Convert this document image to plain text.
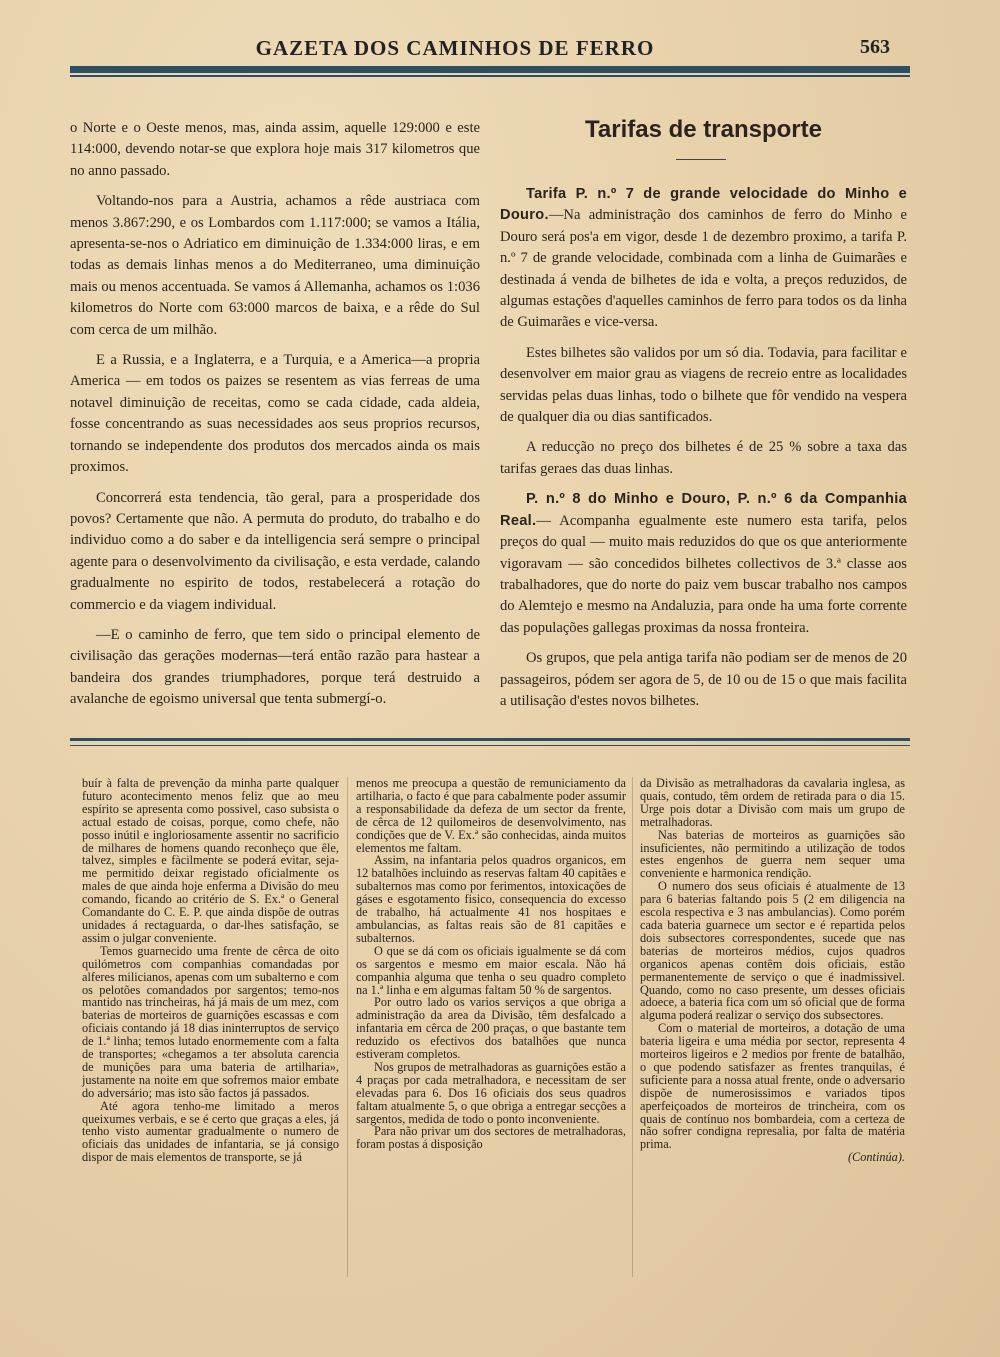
GAZETA DOS CAMINHOS DE FERRO	563

o Norte e o Oeste menos, mas, ainda assim, aquelle 129:000 e este 114:000, devendo notar-se que explora hoje mais 317 kilometros que no anno passado.

Voltando-nos para a Austria, achamos a rêde austriaca com menos 3.867:290, e os Lombardos com 1.117:000; se vamos a Itália, apresenta-se-nos o Adriatico em diminuição de 1.334:000 liras, e em todas as demais linhas menos a do Mediterraneo, uma diminuição mais ou menos accentuada. Se vamos á Allemanha, achamos os 1:036 kilometros do Norte com 63:000 marcos de baixa, e a rêde do Sul com cerca de um milhão.

E a Russia, e a Inglaterra, e a Turquia, e a America—a propria America — em todos os paizes se resentem as vias ferreas de uma notavel diminuição de receitas, como se cada cidade, cada aldeia, fosse concentrando as suas necessidades aos seus proprios recursos, tornando se independente dos produtos dos mercados ainda os mais proximos.

Concorrerá esta tendencia, tão geral, para a prosperidade dos povos? Certamente que não. A permuta do produto, do trabalho e do individuo como a do saber e da intelligencia será sempre o principal agente para o desenvolvimento da civilisação, e esta verdade, calando gradualmente no espirito de todos, restabelecerá a rotação do commercio e da viagem individual.

—E o caminho de ferro, que tem sido o principal elemento de civilisação das gerações modernas—terá então razão para hastear a bandeira dos grandes triumphadores, porque terá destruido a avalanche de egoismo universal que tenta submergí-o.

Tarifas de transporte

Tarifa P. n.º 7 de grande velocidade do Minho e Douro.—Na administração dos caminhos de ferro do Minho e Douro será pos'a em vigor, desde 1 de dezembro proximo, a tarifa P. n.º 7 de grande velocidade, combinada com a linha de Guimarães e destinada á venda de bilhetes de ida e volta, a preços reduzidos, de algumas estações d'aquelles caminhos de ferro para todos os da linha de Guimarães e vice-versa.

Estes bilhetes são validos por um só dia. Todavia, para facilitar e desenvolver em maior grau as viagens de recreio entre as localidades servidas pelas duas linhas, todo o bilhete que fôr vendido na vespera de qualquer dia ou dias santificados.

A reducção no preço dos bilhetes é de 25 % sobre a taxa das tarifas geraes das duas linhas.

P. n.º 8 do Minho e Douro, P. n.º 6 da Companhia Real.— Acompanha egualmente este numero esta tarifa, pelos preços do qual — muito mais reduzidos do que os que anteriormente vigoravam — são concedidos bilhetes collectivos de 3.ª classe aos trabalhadores, que do norte do paiz vem buscar trabalho nos campos do Alemtejo e mesmo na Andaluzia, para onde ha uma forte corrente das populações gallegas proximas da nossa fronteira.

Os grupos, que pela antiga tarifa não podiam ser de menos de 20 passageiros, pódem ser agora de 5, de 10 ou de 15 o que mais facilita a utilisação d'estes novos bilhetes.

buír à falta de prevenção da minha parte qualquer futuro acontecimento menos feliz que ao meu espírito se apresenta como possivel, caso subsista o actual estado de coisas, porque, como chefe, não posso inútil e ingloriosamente assentir no sacrificio de milhares de homens quando reconheço que êle, talvez, simples e fàcilmente se poderá evitar, seja-me permitido deixar registado oficialmente os males de que ainda hoje enferma a Divisão do meu comando, ficando ao critério de S. Ex.ª o General Comandante do C. E. P. que ainda dispõe de outras unidades á rectaguarda, o dar-lhes satisfação, se assim o julgar conveniente.

Temos guarnecido uma frente de cêrca de oito quilómetros com companhias comandadas por alferes milicianos, apenas com um subalterno e com os pelotões comandados por sargentos; temo-nos mantido nas trincheiras, há já mais de um mez, com baterias de morteiros de guarnições escassas e com oficiais contando já 18 dias ininterruptos de serviço de 1.ª linha; temos lutado enormemente com a falta de transportes; «chegamos a ter absoluta carencia de munições para uma bateria de artilharia», justamente na noite em que sofremos maior embate do adversário; mas isto são factos já passados.

Até agora tenho-me limitado a meros queixumes verbais, e se é certo que graças a eles, já tenho visto aumentar gradualmente o numero de oficiais das unidades de infantaria, se já consigo dispor de mais elementos de transporte, se já

menos me preocupa a questão de remuniciamento da artilharia, o facto é que para cabalmente poder assumir a responsabilidade da defeza de um sector da frente, de cêrca de 12 quilomeiros de desenvolvimento, nas condições que de V. Ex.ª são conhecidas, ainda muitos elementos me faltam.

Assim, na infantaria pelos quadros organicos, em 12 batalhões incluindo as reservas faltam 40 capitães e subalternos mas como por ferimentos, intoxicações de gáses e esgotamento fisico, consequencia do excesso de trabalho, há actualmente 41 nos hospitaes e ambulancias, as faltas reais são de 81 capitães e subalternos.

O que se dá com os oficiais igualmente se dá com os sargentos e mesmo em maior escala. Não há companhia alguma que tenha o seu quadro completo na 1.ª linha e em algumas faltam 50 % de sargentos.

Por outro lado os varios serviços a que obriga a administração da area da Divisão, têm desfalcado a infantaria em cêrca de 200 praças, o que bastante tem reduzido os efectivos dos batalhões que nunca estiveram completos.

Nos grupos de metralhadoras as guarnições estão a 4 praças por cada metralhadora, e necessitam de ser elevadas para 6. Dos 16 oficiais dos seus quadros faltam atualmente 5, o que obriga a entregar secções a sargentos, medida de todo o ponto inconveniente.

Para não privar um dos sectores de metralhadoras, foram postas á disposição

da Divisão as metralhadoras da cavalaria inglesa, as quais, contudo, têm ordem de retirada para o dia 15. Urge pois dotar a Divisão com mais um grupo de metralhadoras.

Nas baterias de morteiros as guarnições são insuficientes, não permitindo a utilização de todos estes engenhos de guerra nem sequer uma conveniente e harmonica rendição.

O numero dos seus oficiais é atualmente de 13 para 6 baterias faltando pois 5 (2 em diligencia na escola respectiva e 3 nas ambulancias). Como porém cada bateria guarnece um sector e é repartida pelos dois subsectores correspondentes, sucede que nas baterias de morteiros médios, cujos quadros organicos apenas contêm dois oficiais, estão permanentemente de serviço o que é inadmissivel. Quando, como no caso presente, um desses oficiais adoece, a bateria fica com um só oficial que de forma alguma poderá realizar o serviço dos subsectores.

Com o material de morteiros, a dotação de uma bateria ligeira e uma média por sector, representa 4 morteiros ligeiros e 2 medios por frente de batalhão, o que podendo satisfazer as frentes tranquilas, é suficiente para a nossa atual frente, onde o adversario dispõe de numerosissimos e variados tipos aperfeiçoados de morteiros de trincheira, com os quais de contínuo nos bombardeia, com a certeza de não sofrer condigna represalia, por falta de matéria prima.

(Continúa).
